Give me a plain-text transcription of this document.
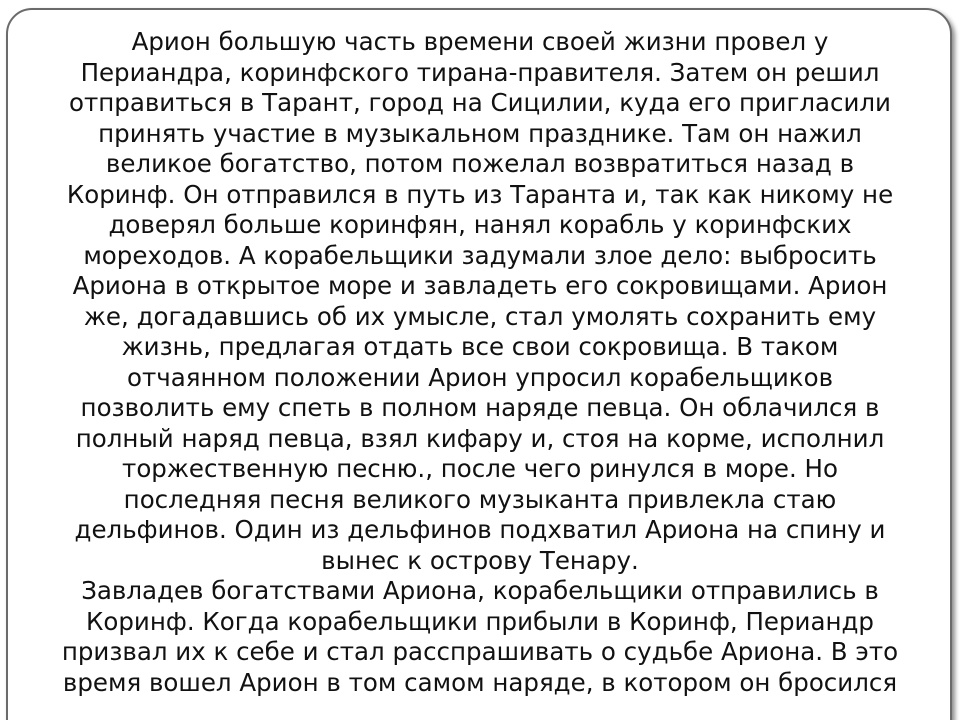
Арион большую часть времени своей жизни провел у
Периандра, коринфского тирана-правителя. Затем он решил
отправиться в Тарант, город на Сицилии, куда его пригласили
принять участие в музыкальном празднике. Там он нажил
великое богатство, потом пожелал возвратиться назад в
Коринф. Он отправился в путь из Таранта и, так как никому не
доверял больше коринфян, нанял корабль у коринфских
мореходов. А корабельщики задумали злое дело: выбросить
Ариона в открытое море и завладеть его сокровищами. Арион
же, догадавшись об их умысле, стал умолять сохранить ему
жизнь, предлагая отдать все свои сокровища. В таком
отчаянном положении Арион упросил корабельщиков
позволить ему спеть в полном наряде певца. Он облачился в
полный наряд певца, взял кифару и, стоя на корме, исполнил
торжественную песню., после чего ринулся в море. Но
последняя песня великого музыканта привлекла стаю
дельфинов. Один из дельфинов подхватил Ариона на спину и
вынес к острову Тенару.
Завладев богатствами Ариона, корабельщики отправились в
Коринф. Когда корабельщики прибыли в Коринф, Периандр
призвал их к себе и стал расспрашивать о судьбе Ариона. В это
время вошел Арион в том самом наряде, в котором он бросился
